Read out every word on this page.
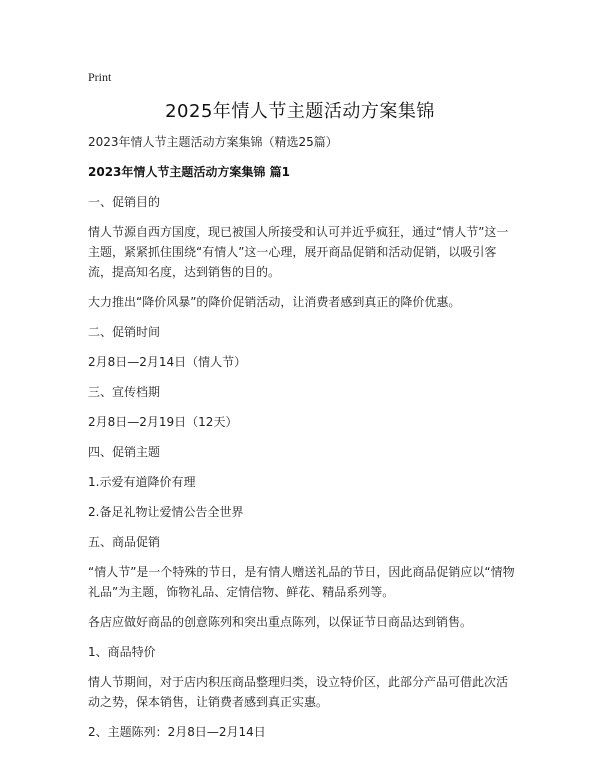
Print
2025年情人节主题活动方案集锦

2023年情人节主题活动方案集锦（精选25篇）

2023年情人节主题活动方案集锦 篇1

一、促销目的

情人节源自西方国度，现已被国人所接受和认可并近乎疯狂，通过“情人节”这一主题，紧紧抓住围绕“有情人”这一心理，展开商品促销和活动促销，以吸引客流，提高知名度，达到销售的目的。

大力推出“降价风暴”的降价促销活动，让消费者感到真正的降价优惠。

二、促销时间

2月8日—2月14日（情人节）

三、宣传档期

2月8日—2月19日（12天）

四、促销主题

1.示爱有道降价有理

2.备足礼物让爱情公告全世界

五、商品促销

“情人节”是一个特殊的节日，是有情人赠送礼品的节日，因此商品促销应以“情物礼品”为主题，饰物礼品、定情信物、鲜花、精品系列等。

各店应做好商品的创意陈列和突出重点陈列，以保证节日商品达到销售。

1、商品特价

情人节期间，对于店内积压商品整理归类，设立特价区，此部分产品可借此次活动之势，保本销售，让销费者感到真正实惠。

2、主题陈列：2月8日—2月14日
